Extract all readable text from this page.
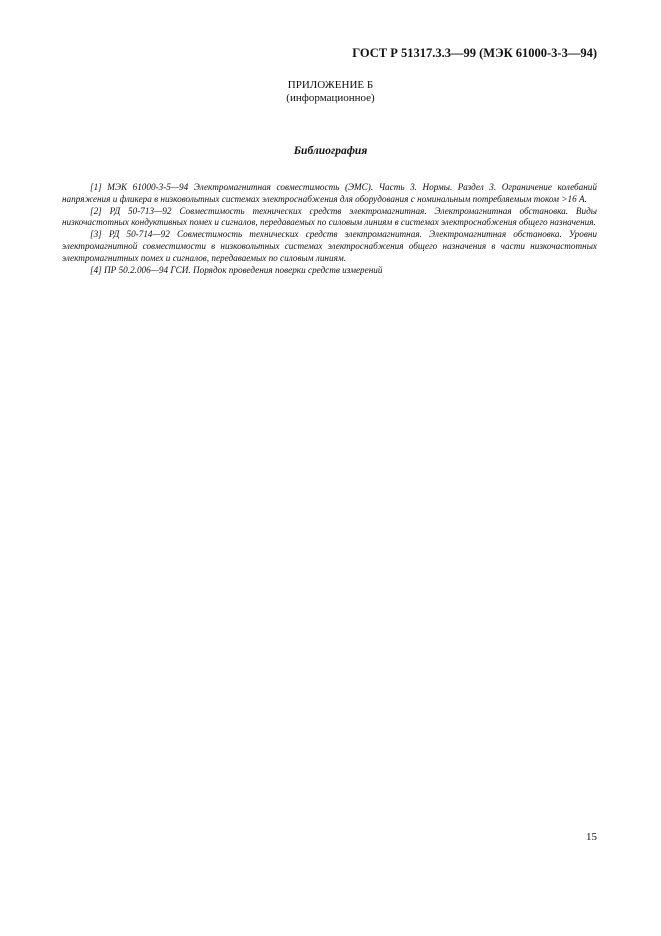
ГОСТ Р 51317.3.3—99 (МЭК 61000-3-3—94)
ПРИЛОЖЕНИЕ Б
(информационное)
Библиография

[1] МЭК 61000-3-5—94 Электромагнитная совместимость (ЭМС). Часть 3. Нормы. Раздел 3. Ограничение колебаний напряжения и фликера в низковольтных системах электроснабжения для оборудования с номинальным потребляемым током >16 А.

[2] РД 50-713—92 Совместимость технических средств электромагнитная. Электромагнитная обстановка. Виды низкочастотных кондуктивных помех и сигналов, передаваемых по силовым линиям в системах электроснабжения общего назначения.

[3] РД 50-714—92 Совместимость технических средств электромагнитная. Электромагнитная обстановка. Уровни электромагнитной совместимости в низковольтных системах электроснабжения общего назначения в части низкочастотных электромагнитных помех и сигналов, передаваемых по силовым линиям.

[4] ПР 50.2.006—94 ГСИ. Порядок проведения поверки средств измерений

15
